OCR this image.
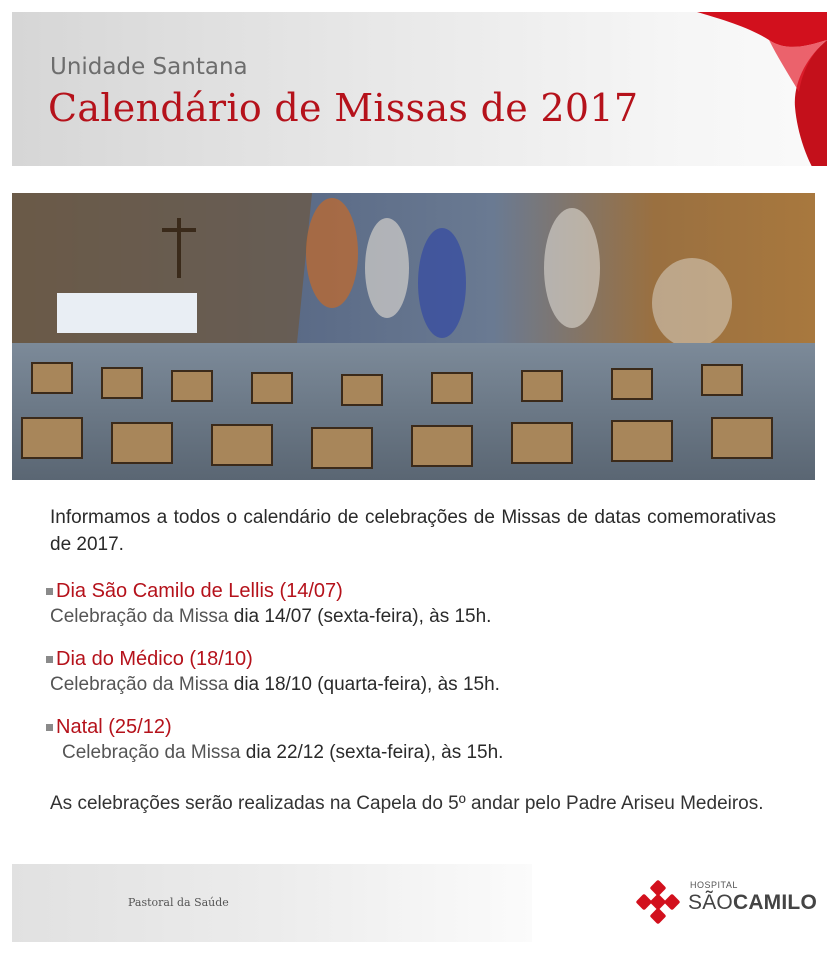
Unidade Santana
Calendário de Missas de 2017

Informamos a todos o calendário de celebrações de Missas de datas comemorativas de 2017.

Dia São Camilo de Lellis (14/07)
Celebração da Missa dia 14/07 (sexta-feira), às 15h.
Dia do Médico (18/10)
Celebração da Missa dia 18/10 (quarta-feira), às 15h.
Natal (25/12)
Celebração da Missa dia 22/12 (sexta-feira), às 15h.
As celebrações serão realizadas na Capela do 5º andar pelo Padre Ariseu Medeiros.
Pastoral da Saúde
HOSPITAL
SÃOCAMILO
